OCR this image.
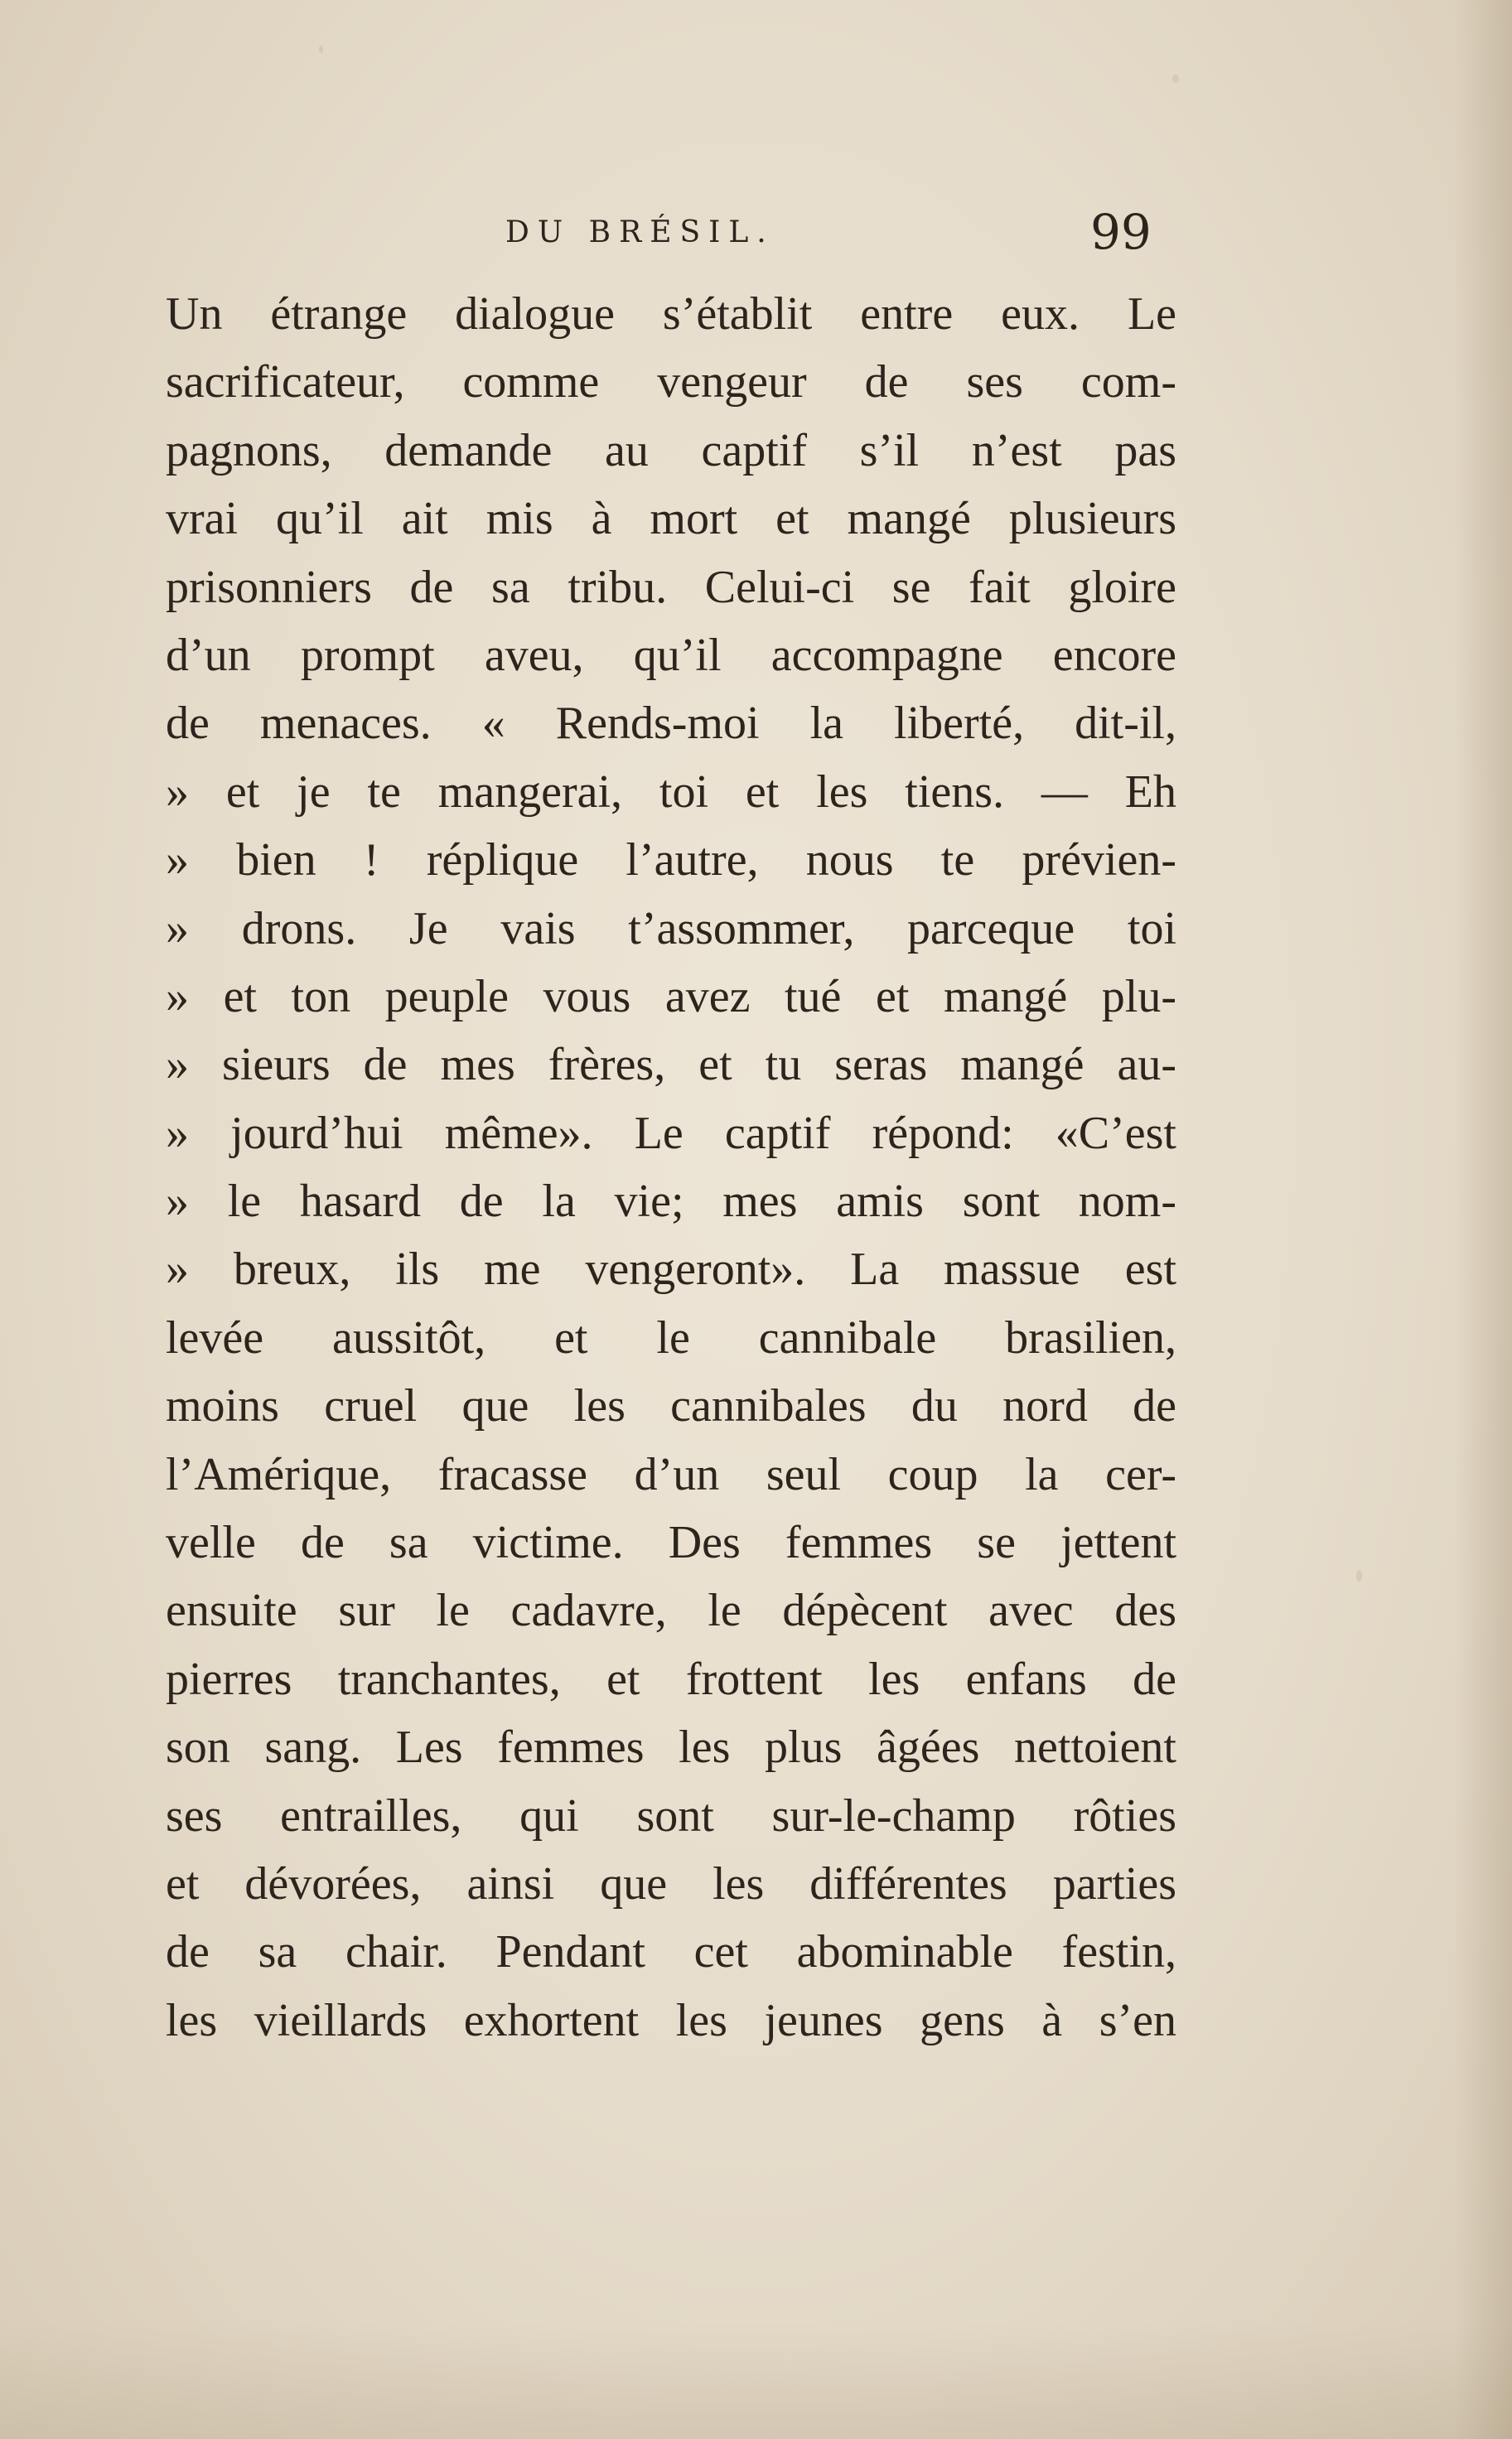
DU BRÉSIL.	99
Un étrange dialogue s’établit entre eux. Le
sacrificateur, comme vengeur de ses com-
pagnons, demande au captif s’il n’est pas
vrai qu’il ait mis à mort et mangé plusieurs
prisonniers de sa tribu. Celui-ci se fait gloire
d’un prompt aveu, qu’il accompagne encore
de menaces. « Rends-moi la liberté, dit-il,
» et je te mangerai, toi et les tiens. — Eh
» bien ! réplique l’autre, nous te prévien-
» drons. Je vais t’assommer, parceque toi
» et ton peuple vous avez tué et mangé plu-
» sieurs de mes frères, et tu seras mangé au-
» jourd’hui même». Le captif répond: «C’est
» le hasard de la vie; mes amis sont nom-
» breux, ils me vengeront». La massue est
levée aussitôt, et le cannibale brasilien,
moins cruel que les cannibales du nord de
l’Amérique, fracasse d’un seul coup la cer-
velle de sa victime. Des femmes se jettent
ensuite sur le cadavre, le dépècent avec des
pierres tranchantes, et frottent les enfans de
son sang. Les femmes les plus âgées nettoient
ses entrailles, qui sont sur-le-champ rôties
et dévorées, ainsi que les différentes parties
de sa chair. Pendant cet abominable festin,
les vieillards exhortent les jeunes gens à s’en
